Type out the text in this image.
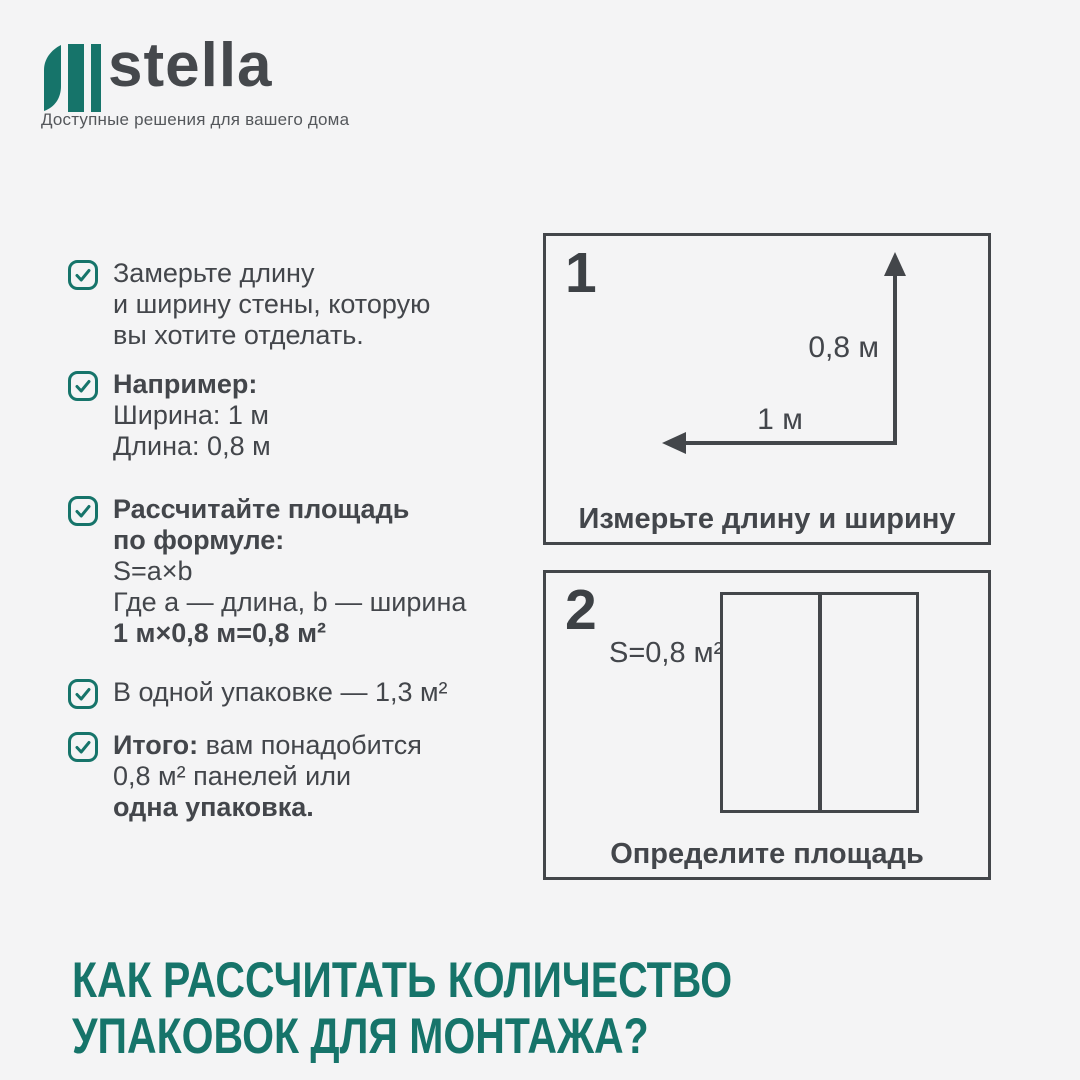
stella
Доступные решения для вашего дома
Замерьте длину
и ширину стены, которую
вы хотите отделать.
Например:
Ширина: 1 м
Длина: 0,8 м
Рассчитайте площадь
по формуле:
S=a×b
Где a — длина, b — ширина
1 м×0,8 м=0,8 м²
В одной упаковке — 1,3 м²
Итого: вам понадобится
0,8 м² панелей или
одна упаковка.
1
0,8 м
1 м
Измерьте длину и ширину
2
S=0,8 м²
Определите площадь
КАК РАССЧИТАТЬ КОЛИЧЕСТВО
УПАКОВОК ДЛЯ МОНТАЖА?
